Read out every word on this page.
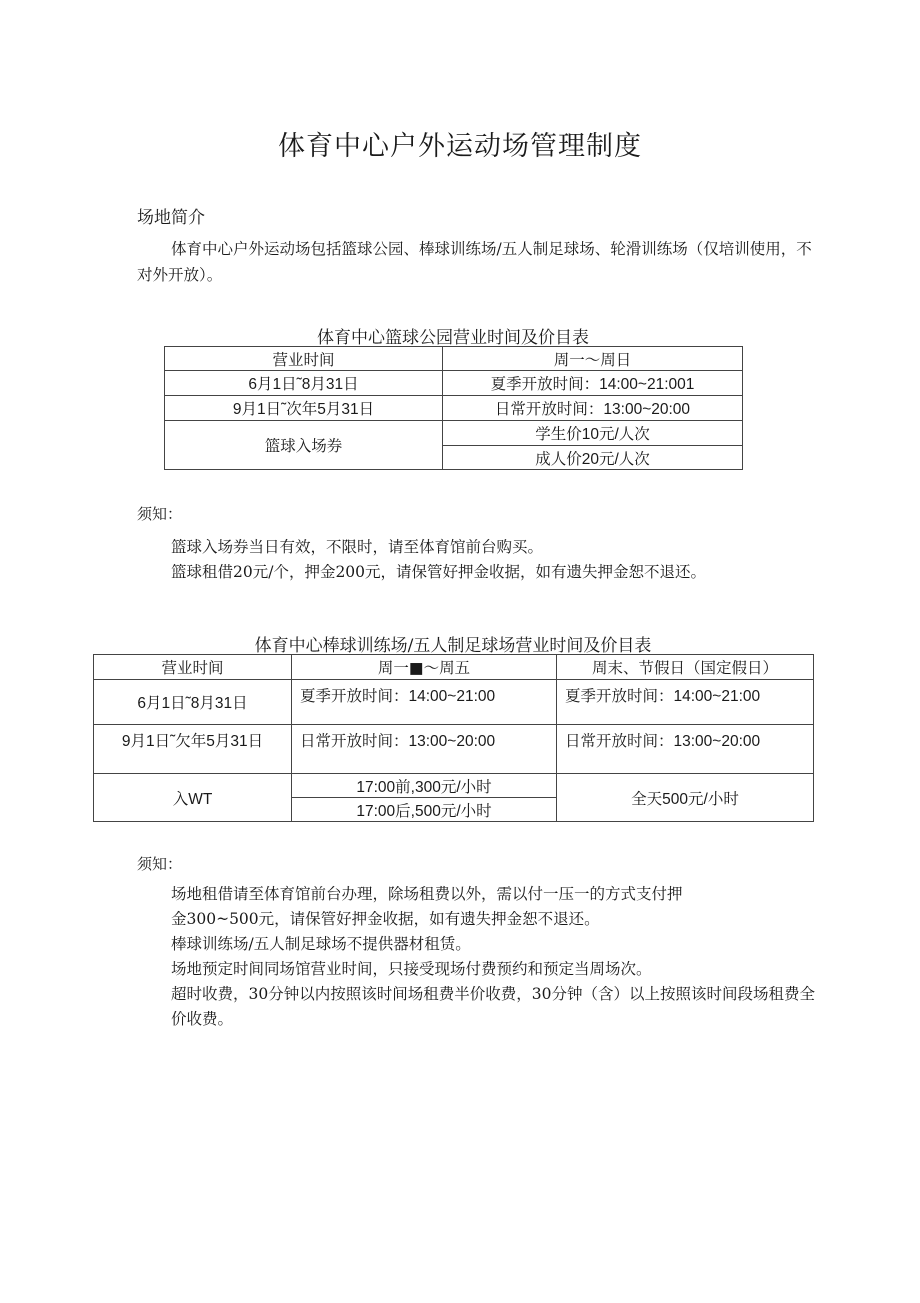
体育中心户外运动场管理制度
场地简介
体育中心户外运动场包括篮球公园、棒球训练场/五人制足球场、轮滑训练场（仅培训使用，不对外开放）。
体育中心篮球公园营业时间及价目表
营业时间	周一～周日
6月1日˜8月31日	夏季开放时间：14:00~21:001
9月1日˜次年5月31日	日常开放时间：13:00~20:00
篮球入场券	学生价10元/人次
	成人价20元/人次
须知：
篮球入场券当日有效，不限时，请至体育馆前台购买。
篮球租借20元/个，押金200元，请保管好押金收据，如有遗失押金恕不退还。
体育中心棒球训练场/五人制足球场营业时间及价目表
营业时间	周一■～周五	周末、节假日（国定假日）
6月1日˜8月31日	夏季开放时间：14:00~21:00	夏季开放时间：14:00~21:00
9月1日˜欠年5月31日	日常开放时间：13:00~20:00	日常开放时间：13:00~20:00
入WT	17:00前,300元/小时	全天500元/小时
	17:00后,500元/小时	
须知：
场地租借请至体育馆前台办理，除场租费以外，需以付一压一的方式支付押
金300~500元，请保管好押金收据，如有遗失押金恕不退还。
棒球训练场/五人制足球场不提供器材租赁。
场地预定时间同场馆营业时间，只接受现场付费预约和预定当周场次。
超时收费，30分钟以内按照该时间场租费半价收费，30分钟（含）以上按照该时间段场租费全价收费。
